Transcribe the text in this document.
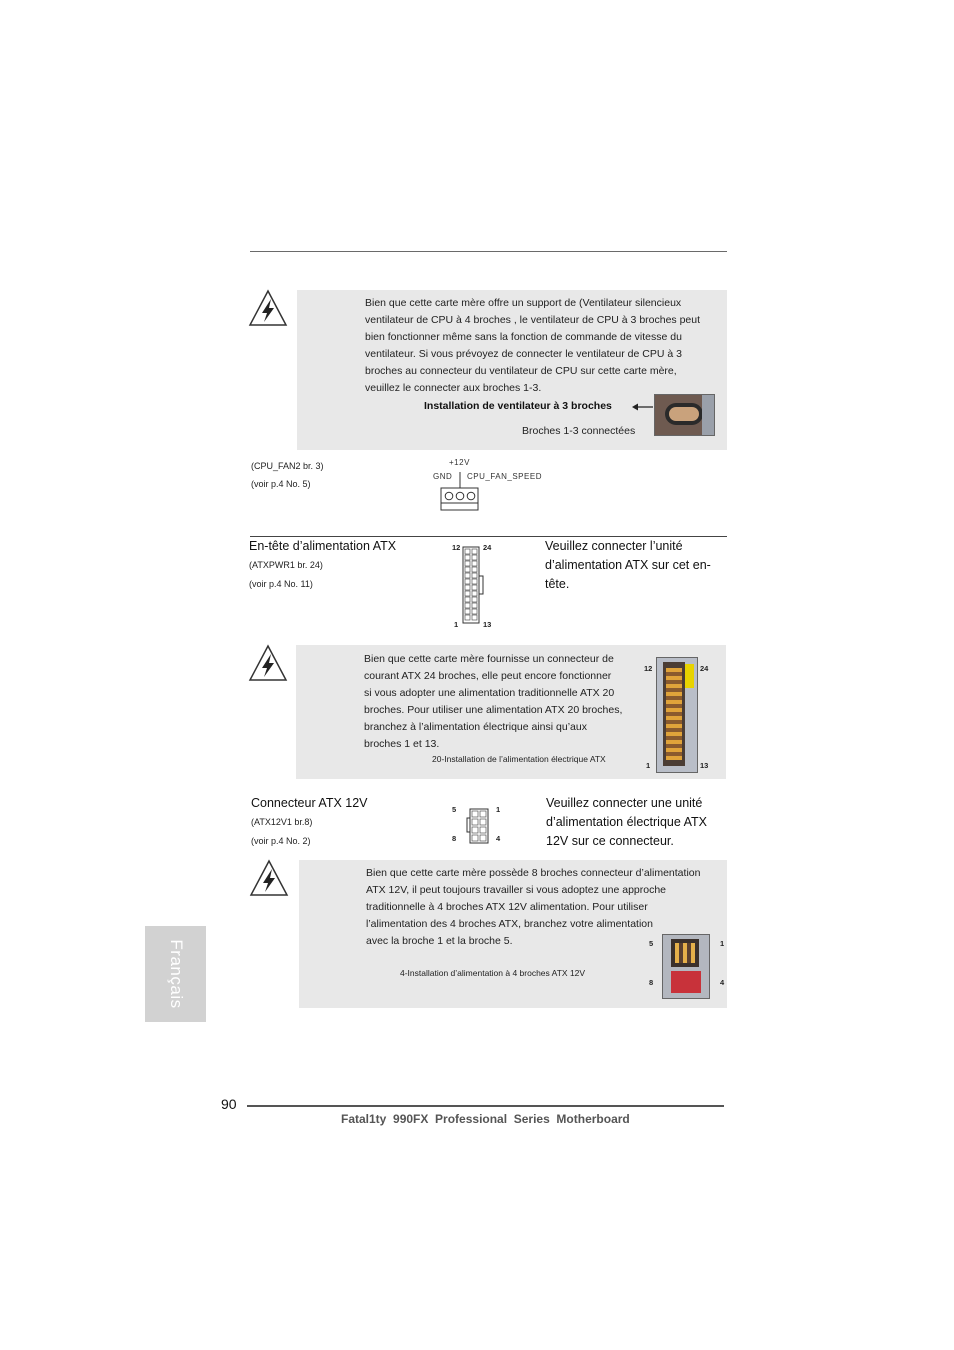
Bien que cette carte mère offre un support de (Ventilateur silencieux
ventilateur de CPU à 4 broches , le ventilateur de CPU à 3 broches peut
bien fonctionner même sans la fonction de commande de vitesse du
ventilateur. Si vous prévoyez de connecter le ventilateur de CPU à 3
broches au connecteur du ventilateur de CPU sur cette carte mère,
veuillez le connecter aux broches 1-3.
Installation de ventilateur à 3 broches
Broches 1-3 connectées
(CPU_FAN2 br. 3)
(voir p.4 No. 5)
+12V
GND CPU_FAN_SPEED
En-tête d’alimentation ATX
(ATXPWR1 br. 24)
(voir p.4 No. 11)
12	24
1	13
Veuillez connecter l’unité
d’alimentation ATX sur cet en-
tête.
Bien que cette carte mère fournisse un connecteur de
courant ATX 24 broches, elle peut encore fonctionner
si vous adopter une alimentation traditionnelle ATX 20
broches. Pour utiliser une alimentation ATX 20 broches,
branchez à l’alimentation électrique ainsi qu’aux
broches 1 et 13.
20-Installation de l’alimentation électrique ATX
12	24
1	13
Connecteur ATX 12V
(ATX12V1 br.8)
(voir p.4 No. 2)
5	1
8	4
Veuillez connecter une unité
d’alimentation électrique ATX
12V sur ce connecteur.
Bien que cette carte mère possède 8 broches connecteur d’alimentation
ATX 12V, il peut toujours travailler si vous adoptez une approche
traditionnelle à 4 broches ATX 12V alimentation. Pour utiliser
l’alimentation des 4 broches ATX, branchez votre alimentation
avec la broche 1 et la broche 5.
4-Installation d’alimentation à 4 broches ATX 12V
5	1
8	4
Français
90
Fatal1ty  990FX  Professional  Series  Motherboard
